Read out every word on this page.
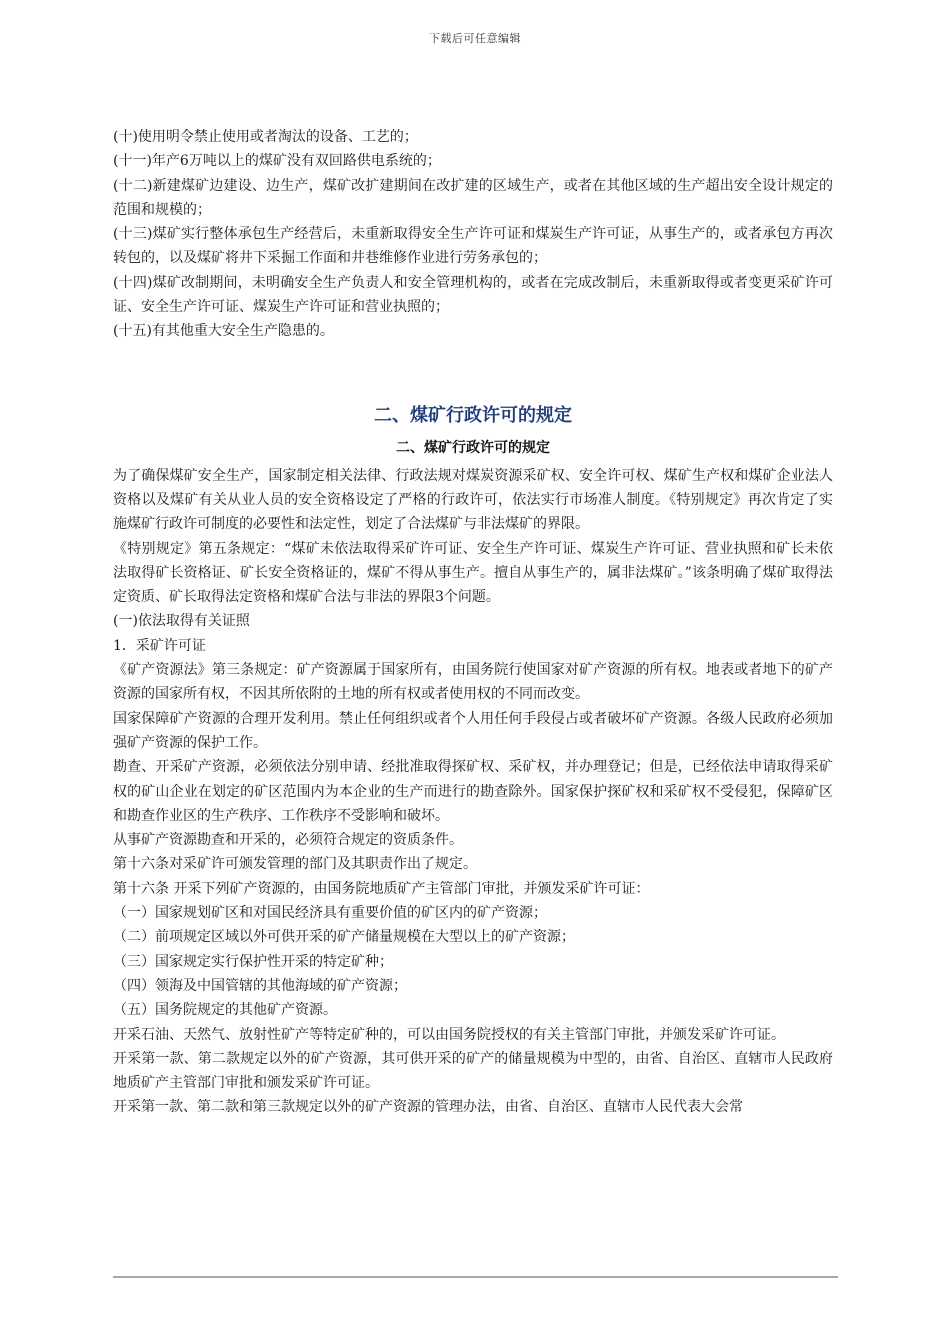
下载后可任意编辑

(十)使用明令禁止使用或者淘汰的设备、工艺的；

(十一)年产6万吨以上的煤矿没有双回路供电系统的；

(十二)新建煤矿边建设、边生产，煤矿改扩建期间在改扩建的区域生产，或者在其他区域的生产超出安全设计规定的范围和规模的；

(十三)煤矿实行整体承包生产经营后，未重新取得安全生产许可证和煤炭生产许可证，从事生产的，或者承包方再次转包的，以及煤矿将井下采掘工作面和井巷维修作业进行劳务承包的；

(十四)煤矿改制期间，未明确安全生产负责人和安全管理机构的，或者在完成改制后，未重新取得或者变更采矿许可证、安全生产许可证、煤炭生产许可证和营业执照的；

(十五)有其他重大安全生产隐患的。

二、煤矿行政许可的规定
二、煤矿行政许可的规定

为了确保煤矿安全生产，国家制定相关法律、行政法规对煤炭资源采矿权、安全许可权、煤矿生产权和煤矿企业法人资格以及煤矿有关从业人员的安全资格设定了严格的行政许可，依法实行市场准人制度。《特别规定》再次肯定了实施煤矿行政许可制度的必要性和法定性，划定了合法煤矿与非法煤矿的界限。

《特别规定》第五条规定：“煤矿未依法取得采矿许可证、安全生产许可证、煤炭生产许可证、营业执照和矿长未依法取得矿长资格证、矿长安全资格证的，煤矿不得从事生产。擅自从事生产的，属非法煤矿。”该条明确了煤矿取得法定资质、矿长取得法定资格和煤矿合法与非法的界限3个问题。

(一)依法取得有关证照

1．采矿许可证

《矿产资源法》第三条规定：矿产资源属于国家所有，由国务院行使国家对矿产资源的所有权。地表或者地下的矿产资源的国家所有权，不因其所依附的土地的所有权或者使用权的不同而改变。

国家保障矿产资源的合理开发利用。禁止任何组织或者个人用任何手段侵占或者破坏矿产资源。各级人民政府必须加强矿产资源的保护工作。

勘查、开采矿产资源，必须依法分别申请、经批准取得探矿权、采矿权，并办理登记；但是，已经依法申请取得采矿权的矿山企业在划定的矿区范围内为本企业的生产而进行的勘查除外。国家保护探矿权和采矿权不受侵犯，保障矿区和勘查作业区的生产秩序、工作秩序不受影响和破坏。

从事矿产资源勘查和开采的，必须符合规定的资质条件。

第十六条对采矿许可颁发管理的部门及其职责作出了规定。

第十六条 开采下列矿产资源的，由国务院地质矿产主管部门审批，并颁发采矿许可证：

（一）国家规划矿区和对国民经济具有重要价值的矿区内的矿产资源；

（二）前项规定区域以外可供开采的矿产储量规模在大型以上的矿产资源；

（三）国家规定实行保护性开采的特定矿种；

（四）领海及中国管辖的其他海域的矿产资源；

（五）国务院规定的其他矿产资源。

开采石油、天然气、放射性矿产等特定矿种的，可以由国务院授权的有关主管部门审批，并颁发采矿许可证。

开采第一款、第二款规定以外的矿产资源，其可供开采的矿产的储量规模为中型的，由省、自治区、直辖市人民政府地质矿产主管部门审批和颁发采矿许可证。

开采第一款、第二款和第三款规定以外的矿产资源的管理办法，由省、自治区、直辖市人民代表大会常
